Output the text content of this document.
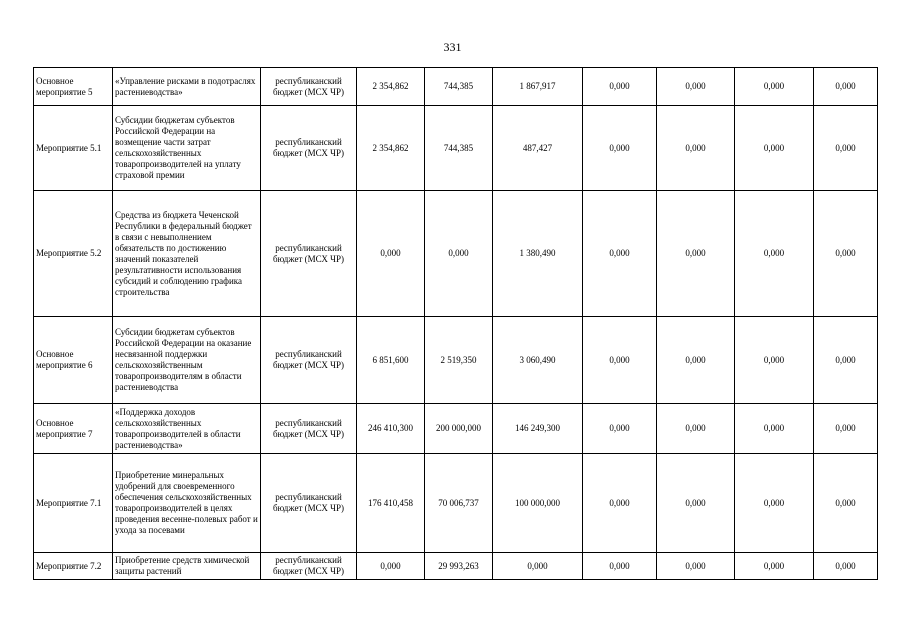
331
Основное мероприятие 5	«Управление рисками в подотраслях растениеводства»	республиканский бюджет (МСХ ЧР)	2 354,862	744,385	1 867,917	0,000	0,000	0,000	0,000
Мероприятие 5.1	Субсидии бюджетам субъектов Российской Федерации на возмещение части затрат сельскохозяйственных товаропроизводителей на уплату страховой премии	республиканский бюджет (МСХ ЧР)	2 354,862	744,385	487,427	0,000	0,000	0,000	0,000
Мероприятие 5.2	Средства из бюджета Чеченской Республики в федеральный бюджет в связи с невыполнением обязательств по достижению значений показателей результативности использования субсидий и соблюдению графика строительства	республиканский бюджет (МСХ ЧР)	0,000	0,000	1 380,490	0,000	0,000	0,000	0,000
Основное мероприятие 6	Субсидии бюджетам субъектов Российской Федерации на оказание несвязанной поддержки сельскохозяйственным товаропроизводителям в области растениеводства	республиканский бюджет (МСХ ЧР)	6 851,600	2 519,350	3 060,490	0,000	0,000	0,000	0,000
Основное мероприятие 7	«Поддержка доходов сельскохозяйственных товаропроизводителей в области растениеводства»	республиканский бюджет (МСХ ЧР)	246 410,300	200 000,000	146 249,300	0,000	0,000	0,000	0,000
Мероприятие 7.1	Приобретение минеральных удобрений для своевременного обеспечения сельскохозяйственных товаропроизводителей в целях проведения весенне-полевых работ и ухода за посевами	республиканский бюджет (МСХ ЧР)	176 410,458	70 006,737	100 000,000	0,000	0,000	0,000	0,000
Мероприятие 7.2	Приобретение средств химической защиты растений	республиканский бюджет (МСХ ЧР)	0,000	29 993,263	0,000	0,000	0,000	0,000	0,000
